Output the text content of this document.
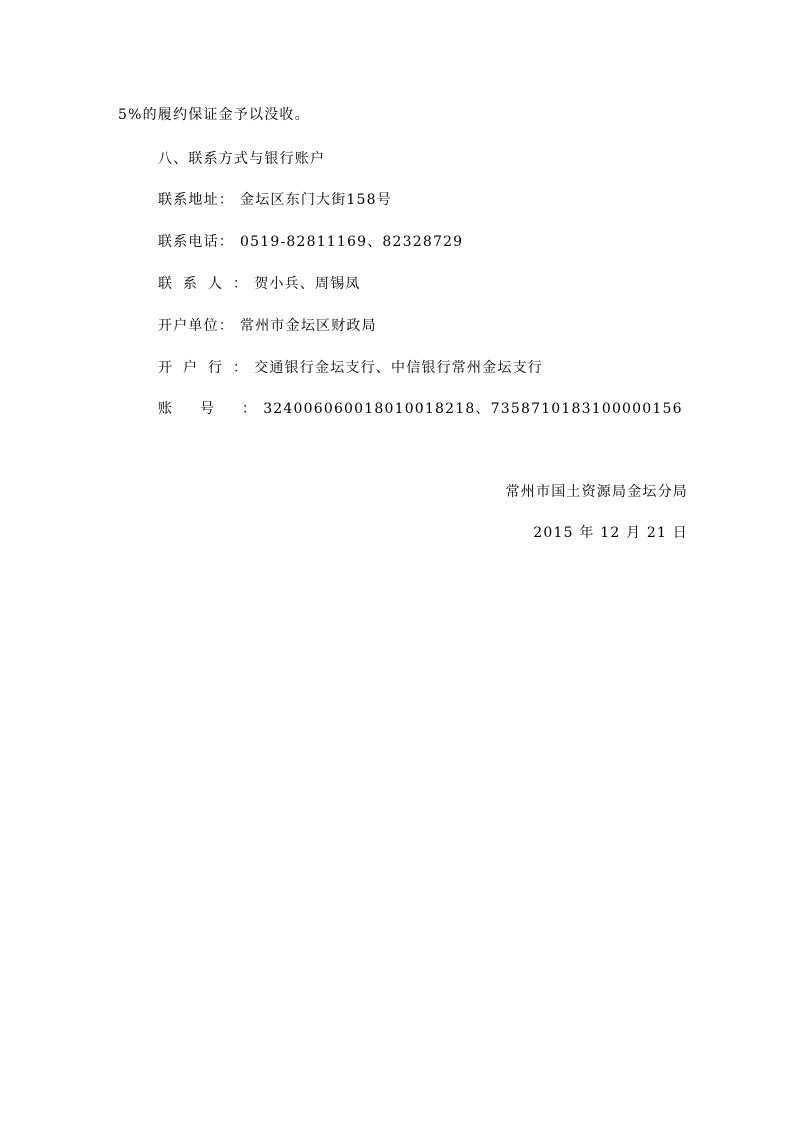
5%的履约保证金予以没收。
八、联系方式与银行账户
联系地址： 金坛区东门大街158号
联系电话： 0519-82811169、82328729
联系人： 贺小兵、周锡凤
开户单位： 常州市金坛区财政局
开户行： 交通银行金坛支行、中信银行常州金坛支行
账号： 324006060018010018218、7358710183100000156
常州市国土资源局金坛分局
2015 年 12 月 21 日
